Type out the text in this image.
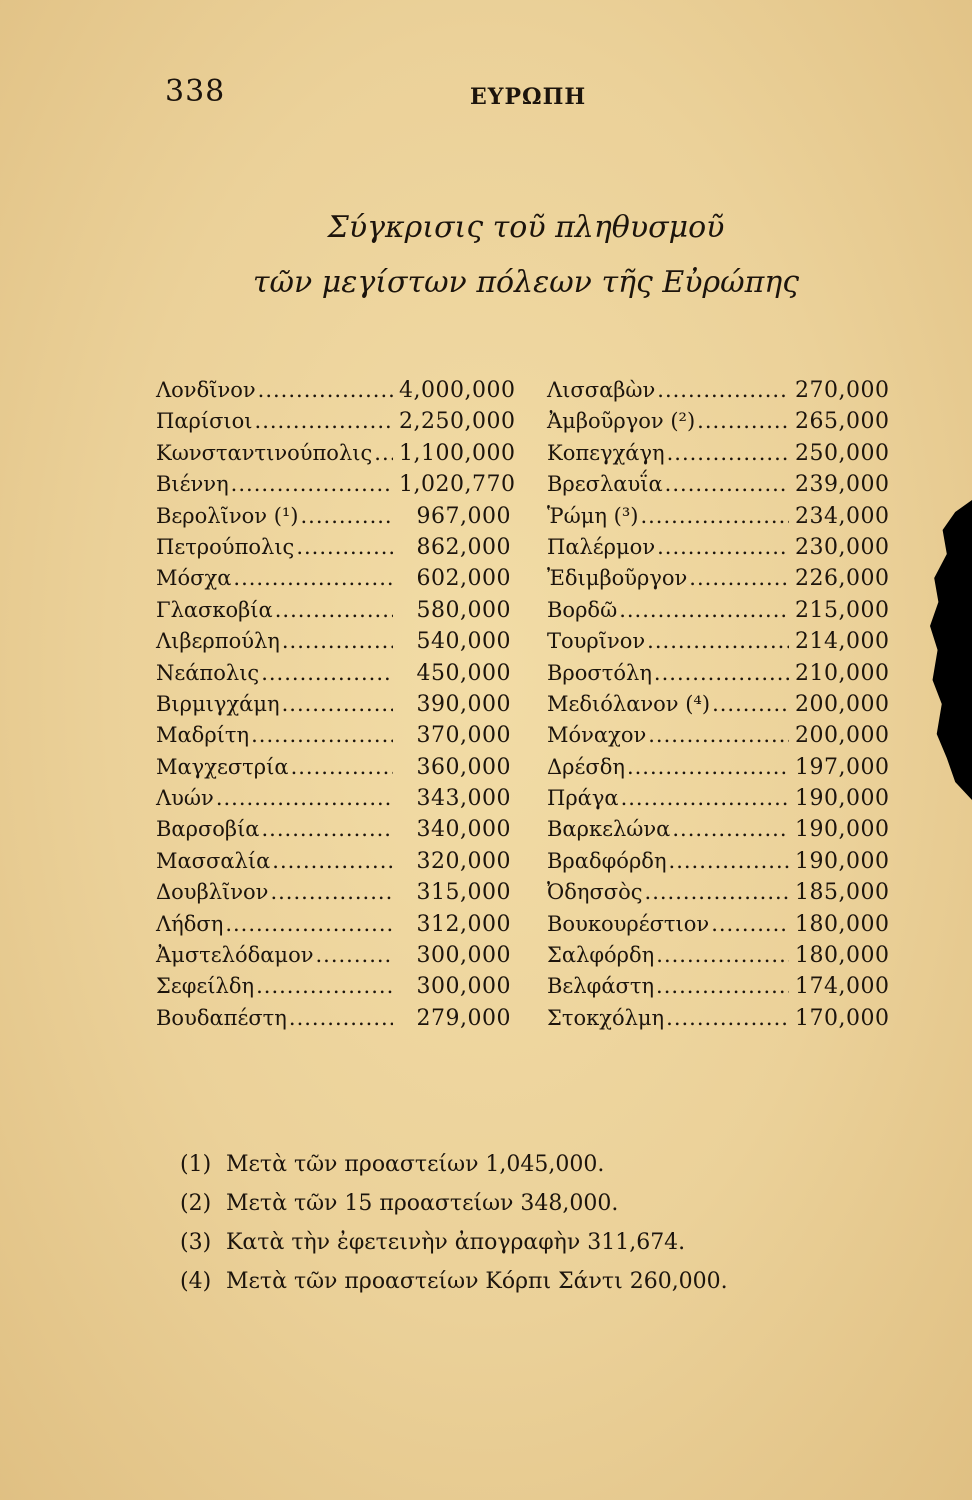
338	ΕΥΡΩΠΗ
Σύγκρισις τοῦ πληθυσμοῦ
τῶν μεγίστων πόλεων τῆς Εὐρώπης
Λονδῖνον .....	4,000,000
Παρίσιοι .....	2,250,000
Κωνσταντινούπολις ..... 1,100,000
Βιέννη .....	1,020,770
Βερολῖνον (¹) .....	967,000
Πετρούπολις .....	862,000
Μόσχα .....	602,000
Γλασκοβία .....	580,000
Λιβερπούλη .....	540,000
Νεάπολις .....	450,000
Βιρμιγχάμη .....	390,000
Μαδρίτη .....	370,000
Μαγχεστρία .....	360,000
Λυών .....	343,000
Βαρσοβία .....	340,000
Μασσαλία .....	320,000
Δουβλῖνον .....	315,000
Λήδση .....	312,000
Ἀμστελόδαμον .....	300,000
Σεφείλδη .....	300,000
Βουδαπέστη .....	279,000
Λισσαβὼν .....	270,000
Ἀμβοῦργον (²) .....	265,000
Κοπεγχάγη .....	250,000
Βρεσλαυΐα .....	239,000
Ῥώμη (³) .....	234,000
Παλέρμον .....	230,000
Ἐδιμβοῦργον .....	226,000
Βορδῶ .....	215,000
Τουρῖνον .....	214,000
Βροστόλη .....	210,000
Μεδιόλανον (⁴) .....	200,000
Μόναχον .....	200,000
Δρέσδη .....	197,000
Πράγα .....	190,000
Βαρκελώνα .....	190,000
Βραδφόρδη .....	190,000
Ὀδησσὸς .....	185,000
Βουκουρέστιον .....	180,000
Σαλφόρδη .....	180,000
Βελφάστη .....	174,000
Στοκχόλμη .....	170,000
(1) Μετὰ τῶν προαστείων 1,045,000.
(2) Μετὰ τῶν 15 προαστείων 348,000.
(3) Κατὰ τὴν ἐφετεινὴν ἀπογραφὴν 311,674.
(4) Μετὰ τῶν προαστείων Κόρπι Σάντι 260,000.
